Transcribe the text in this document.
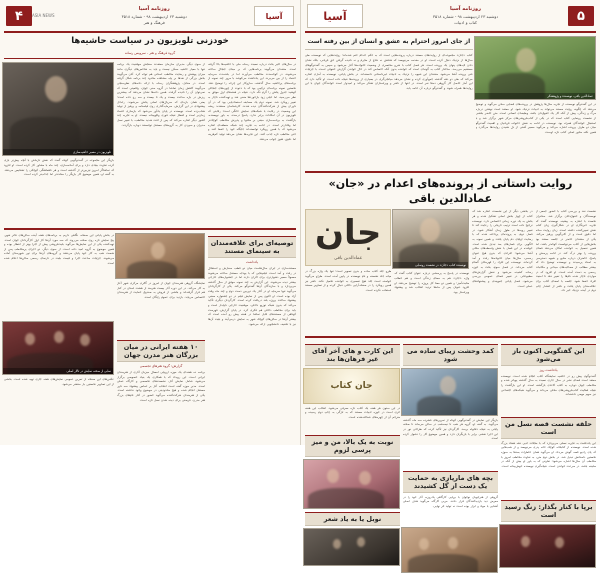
۵
روزنامه آسیا
دوشنبه ۲۳ اردیبهشت ۹۸ - شماره ۳۵۱۸
کتاب و ادبیات
آسیا
عمادالدین باقی، نویسنده و پژوهشگر
در این گفت‌وگو نویسنده از تجربه سال‌ها پژوهش در پرونده‌های قضایی سخن می‌گوید و توضیح می‌دهد که چگونه روایت مستند می‌تواند به ادبیات نزدیک شود. او معتقد است نوشتن درباره مرگ و زندگی، پیش از آنکه کار یک حقوق‌دان باشد، وظیفه‌ای انسانی است. متن حاضر بخشی از نشست رونمایی کتاب است که در یکی از کتاب‌فروشی‌های مرکز شهر برگزار شد و با استقبال خوانندگان همراه بود. نویسنده در ادامه به نقش خانواده قربانیان و اهمیت گفت‌وگو میان دو طرف پرونده اشاره می‌کند و می‌گوید مسیر آشتی از دل شنیدن روایت‌ها می‌گذرد و همین نکته محور اصلی کتاب تازه اوست.
از جای امروز احترام به عشق و انسان از بین رفته است
کتاب «جان» مجموعه‌ای از روایت‌های مستند درباره پرونده‌هایی است که به حکم اعدام ختم شده‌اند؛ روایت‌هایی که نویسنده طی سال‌ها از نزدیک دنبال کرده است. او در مقدمه می‌نویسد که هدفش نه دفاع از مجرم و نه نادیده گرفتن حق قربانی، بلکه نشان دادن لایه‌های پنهان یک پرونده است. هر فصل کتاب با شرح مختصری از وضعیت خانواده‌ها آغاز می‌شود و سپس به گفت‌وگوهای مستقیم می‌رسد. ساختار کتاب به گونه‌ای است که خواننده بدون آنکه احساس کند در حال خواندن گزارش حقوقی است، با جزئیات فنی پرونده آشنا می‌شود. منتقدان این شیوه را نزدیک به ادبیات غیرداستانی دانسته‌اند. در بخش پایانی، نویسنده به آماری اشاره می‌کند که طی دو دهه گذشته جمع‌آوری کرده و نشان می‌دهد میانجی‌گری در بسیاری از پرونده‌ها نتیجه داده است. او تأکید دارد که این آمار حاصل کار گروهی ده‌ها نفر است. در انتها از ناشر و ویراستاران تشکر می‌کند و امیدوار است خوانندگان جوان با این روایت‌ها همراه شوند و گفت‌وگو درباره آن ادامه یابد.
روایت داستانی از پرونده‌های اعدام در «جان» عمادالدین باقی
نشست نقد و بررسی کتاب با حضور جمعی از نویسندگان و حقوق‌دانان برگزار شد. سخنران نخست با اشاره به پیشینه نویسنده گفت که تجربه خبرنگاری او در شکل‌گیری زبان کتاب نقش تعیین‌کننده داشته است. زبان روایت ساده اما دقیق است و از کلی‌گویی پرهیز می‌کند. یکی از منتقدان حاضر در جلسه معتقد بود بخش‌هایی از کتاب می‌توانست کوتاه‌تر باشد، اما همین تفصیل به خواننده امکان می‌دهد فضای پرونده را بهتر درک کند. در ادامه پرسش و پاسخ، حاضران درباره منابع و شیوه دسترسی به اسناد پرسیدند و نویسنده توضیح داد که بیشتر مطالب از مصاحبه‌های میدانی و مکاتبات رسمی به دست آمده است. او افزود که در مواردی ناچار شده نام‌ها را تغییر دهد تا امنیت افراد حفظ شود. جلسه با امضای کتاب برای علاقه‌مندان پایان یافت و ناشر از انتشار چاپ دوم در آینده نزدیک خبر داد.
در بخشی دیگر از این نشست، اشاره شد که کتاب از چهار بخش اصلی تشکیل شده و هر بخش به یک دوره زمانی اختصاص دارد. نویسنده ترجیح داده است ترتیب تاریخی را رعایت کند تا تغییر رویه‌ها در طول زمان آشکار شود. در فصل دوم، به پرونده‌ای پرداخته شده که با رضایت اولیای دم پایان یافت و همین نمونه به الگویی برای فصل‌های بعد تبدیل شده است. خواننده در این فصل با نقش واسطه‌های محلی آشنا می‌شود؛ افرادی که بدون هیچ عنوان رسمی، سال‌ها میان خانواده‌ها رفت و آمد کرده‌اند. نویسنده این افراد را قهرمانان گمنام کتاب می‌داند. در فصل سوم، بحث به حوزه رسانه کشیده می‌شود و نقش گزارش‌های مطبوعاتی در تغییر فضای عمومی بررسی می‌شود. فصل پایانی جمع‌بندی و پیشنهادهای عملی است.
نویسنده کتاب «جان» در نشست رونمایی
نویسنده در پاسخ به پرسشی درباره عنوان کتاب گفت که واژه «جان» هم به معنای زندگی است و هم خطاب محبت‌آمیز؛ و همین دو معنا کل پروژه را توضیح می‌دهد. او افزود عنوان پس از ماه‌ها تردید انتخاب شد و پیشنهاد ویراستار بود.
جان
عمادالدین باقی
طرح جلد کتاب ساده و بدون تصویر است؛ تنها یک واژه بزرگ در میانه جلد نشسته و نام نویسنده در پایین آمده است. طراح می‌گوید خواسته است جلد هیچ تفسیری به خواننده تحمیل نکند. ناشر نیز همین رویکرد را در صفحه‌آرایی داخلی دنبال کرده و از تصاویر مستند استفاده نکرده است.
این گفتگویی اکنون باز می‌شود
یادداشت روز
گفت‌وگوی پیش رو در حاشیه نمایشگاه کتاب انجام شده است. نویسنده معتقد است فضای نشر در سال جاری نسبت به سال گذشته پویاتر شده و مخاطب جوان دوباره به کتاب کاغذی بازگشته است. او این بازگشت را نتیجه فعالیت کتاب‌فروشی‌های محلی می‌داند و می‌گوید شبکه‌های اجتماعی نیز سهم مهمی داشته‌اند.
حلقه نشست قصه نسل من است
این یادداشت به تجربه نسلی می‌پردازد که با مجلات ادبی دهه هفتاد بزرگ شده است. نویسنده از کتابخانه کوچک خانه پدری می‌نویسد و از شب‌هایی که پای رادیو قصه گوش می‌داد. او می‌گوید همان خاطرات بعدها به سوژه نخستین داستانش تبدیل شد. در بخش دوم متن، به تفاوت مخاطب امروز با مخاطب آن سال‌ها اشاره می‌شود؛ تفاوتی که به باور او بیش از آنکه در سلیقه باشد، در سرعت خواندن است. نتیجه‌گیری نویسنده خوش‌بینانه است.
برپا با کنار بگذار: زنگ رسید است
کمد وحشت زیبای ساده می شود
بازیگر این نمایش در گفت‌وگویی کوتاه از تمرین‌های فشرده سه ماه گذشته می‌گوید. به گفته او، گروه هر شب تا نیمه‌شب در سالن می‌ماند تا صحنه پایانی به نتیجه دلخواه برسد. کارگردان نیز تأکید کرده که طراحی نور در این اجرا نقشی برابر با بازیگران دارد و همین موضوع کار را دشوار کرده است.
بچه های مارپازی به حمایت یک دست از گل کشیدند
گروهی از هنرجویان نوجوان با برپایی کارگاهی یک‌روزه، آثار خود را در معرض دید بازدیدکنندگان قرار دادند. مربی کارگاه می‌گوید هدف اصلی آشنایی با مواد و ابزار بوده است نه تولید اثر نهایی.
این کارت و های آخر آقای غیر فرهان‌ها بند
جان کتاب
در این ستون هر هفته یک کتاب تازه معرفی می‌شود. انتخاب این هفته اثری است در حوزه ادبیات مستند که به تازگی به چاپ دوم رسیده و مترجم آن از چهره‌های شناخته‌شده است.
نوبت به یک بالا، من و میز پرسی لزوم
نوبل یا به یاد شعر
آسیا
روزنامه آسیا
دوشنبه ۲۳ اردیبهشت ۹۸ - شماره ۳۵۱۸
فرهنگ و هنر
ASIA NEWS
۴
خودزنی تلویزیون در سیاست حاشیه‌ها
گروه فرهنگ و هنر - سرویس رسانه
در سال‌های اخیر بحث درباره نسبت رسانه ملی با حاشیه‌ها بالا گرفته است. منتقدان می‌گویند برنامه‌هایی که بر مبنای جنجال ساخته می‌شوند، در کوتاه‌مدت مخاطب می‌آورند اما در بلندمدت سرمایه اعتماد را از بین می‌برند. این یادداشت می‌کوشد با مرور چند نمونه از برنامه‌های پرحاشیه سال گذشته، سازوکار این چرخه را توضیح دهد. نخستین نمونه برنامه‌ای ترکیبی بود که با دعوت از چهره‌های جنجالی کوشید جدول پخش را گرم نگه دارد. نتیجه در هفته‌های اول موفق به نظر می‌رسید، اما خیلی زود بازخوردها منفی شد و تهیه‌کننده ناچار به تغییر رویکرد شد. نمونه دوم یک مسابقه استعدادیابی بود که در آن داوران بیش از شرکت‌کنندگان دیده شدند. کارشناسان معتقدند ریشه این وضعیت در رقابت با شبکه‌های نمایش خانگی است؛ رقابتی که تلویزیون در آن امکانات برابر ندارد. پاسخ درست، به باور نویسنده، بازگشت به برنامه‌سازی مبتنی بر محتوا و پذیرش مخاطب کوچک‌تر اما وفادارتر است. در ادامه به تجربه چند شبکه منطقه‌ای اشاره می‌شود که با همین رویکرد توانسته‌اند جایگاه خود را حفظ کنند و حتی مخاطب تازه جذب کنند. این تجربه‌ها نشان می‌دهد تولید کم‌هزینه اما دقیق، هنوز جواب می‌دهد.
از سوی دیگر، مدیران سازمان معتقدند سنجش موفقیت یک برنامه تنها با معیار حاشیه ممکن نیست و باید به شاخص‌های دیگری مانند میزان پوشش و رضایت مخاطب استانی هم توجه کرد. آنان می‌گویند بخش بزرگی از نقدها بر پایه مشاهده محدود چند برنامه شکل گرفته است. در مقابل، پژوهشگران رسانه با ارائه داده‌های نظرسنجی می‌گویند کاهش زمان تماشا در گروه سنی جوان، واقعیتی است که نمی‌توان آن را نادیده گرفت. همین داده‌ها نشان می‌دهد که بیشترین ریزش در بازه ساعت بیست و یک تا بیست و سه رخ داده است؛ یعنی همان بازه‌ای که سریال‌های اصلی پخش می‌شوند. راه‌حل پیشنهادی در این گزارش، سرمایه‌گذاری روی فیلمنامه و پرهیز از تولید شتاب‌زده است. نویسنده در پایان یادآور می‌شود که بازسازی اعتماد زمان‌بر است و انتظار نتیجه فوری واقع‌بینانه نیست. او به تجربه چند کشور دیگر اشاره می‌کند که پس از افت شدید مخاطب، با تغییر نسل مدیران و سپردن کار به گروه‌های مستقل توانستند دوباره بازگردند.
تلویزیون در مسیر حاشیه‌سازی
بازیگر این مجموعه در گفت‌وگویی کوتاه گفت که نقش تازه‌اش با آنچه پیش‌تر بازی کرده تفاوت بنیادی دارد و برای آماده‌سازی، چند ماه با مشاور کار کرده است. او افزود که تماشاگر امروز تیزبین‌تر از گذشته است و هر ناهماهنگی کوچکی را تشخیص می‌دهد. به گفته او، همین موضوع کار بازیگر را سخت‌تر اما جذاب‌تر کرده است.
توصیه‌ای برای علاقه‌مندان به سینمای مستند
یادداشت
مستندسازی در ایران سال‌هاست میان دو قطب سفارش و استقلال در رفت و آمد است. فیلم‌هایی که با بودجه مستقل ساخته می‌شوند معمولاً مسیر دشوارتری برای اکران دارند اما در جشنواره‌های خارجی بیشتر دیده می‌شوند. این گزارش به چند نمونه موفق از سال گذشته می‌پردازد و با سازندگان آن‌ها گفت‌وگو می‌کند. یکی از کارگردانان می‌گوید تنها سرمایه او در آغاز یک دوربین دست دوم و چند ماه وقت آزاد بوده است. او اکنون پس از نمایش فیلم در دو جشنواره معتبر، پیشنهاد ساخت پروژه بلند دریافت کرده است. کارگردان دیگری تأکید می‌کند که بدون شبکه توزیع داخلی، موفقیت خارجی ناپایدار است و باید برای مخاطب داخلی هم فکری کرد. در پایان گزارش، فهرست کوتاهی از مستندهای قابل تماشا در هفته پیش رو آمده است که بیشتر آن‌ها در سالن‌های کوچک شهر به نمایش درمی‌آیند و بلیت آن‌ها نیز با تخفیف دانشجویی ارائه می‌شود.
نمایشگاه گروهی هنرمندان جوان از امروز در گالری مرکزی شهر آغاز به کار می‌کند. در این دوره آثار بیست هنرمند از هشت استان در کنار هم قرار گرفته‌اند و بخشی از فروش به صندوق حمایت از هنرمندان اختصاص می‌یابد. بازدید برای عموم رایگان است.
۱۰ هفته ایرانی در میان بزرگان هنر مدرن جهان
گزارش: گروه هنرهای تجسمی
برنامه ده هفته‌ای یک موزه اروپایی امسال میزبان آثاری از هنرمندان ایرانی است. این رویداد که با همکاری یک بنیاد خصوصی برگزار می‌شود، شامل نمایش آثار، نشست‌های تخصصی و کارگاه عملی است. مدیر موزه گفته است انتخاب آثار بر اساس پیشنهاد سه داور مستقل انجام شده و هیچ محدودیتی در موضوع وجود نداشته است. یکی از هنرمندان شرکت‌کننده می‌گوید حضور در کنار نام‌های بزرگ هنر مدرن، فرصتی برای دیده شدن نسل تازه است.
در بخش پایانی این صفحه، نگاهی داریم به برنامه‌های هفته آینده سالن‌های تئاتر شهر. پنج نمایش تازه روی صحنه می‌روند که سه مورد آن‌ها کار اول کارگردانان جوان است. تهیه‌کننده یکی از این نمایش‌ها می‌گوید بلیت‌فروشی پیش از اجرا بهتر از انتظار بوده و همین موضوع به گروه امید داده است. از سوی دیگر، دو اجرای پرمخاطب پس از شصت شب به کار خود پایان می‌دهند و گروه‌های آن‌ها برای تور شهرستان آماده می‌شوند. جزئیات ساعت اجرا و قیمت بلیت در تارنمای رسمی سالن‌ها اعلام شده است.
نمایی از صحنه نمایش در تالار اصلی
عکس‌های این صفحه از تمرین عمومی نمایش‌های هفته جاری تهیه شده است. بخشی از این تصاویر نخستین بار منتشر می‌شود.
